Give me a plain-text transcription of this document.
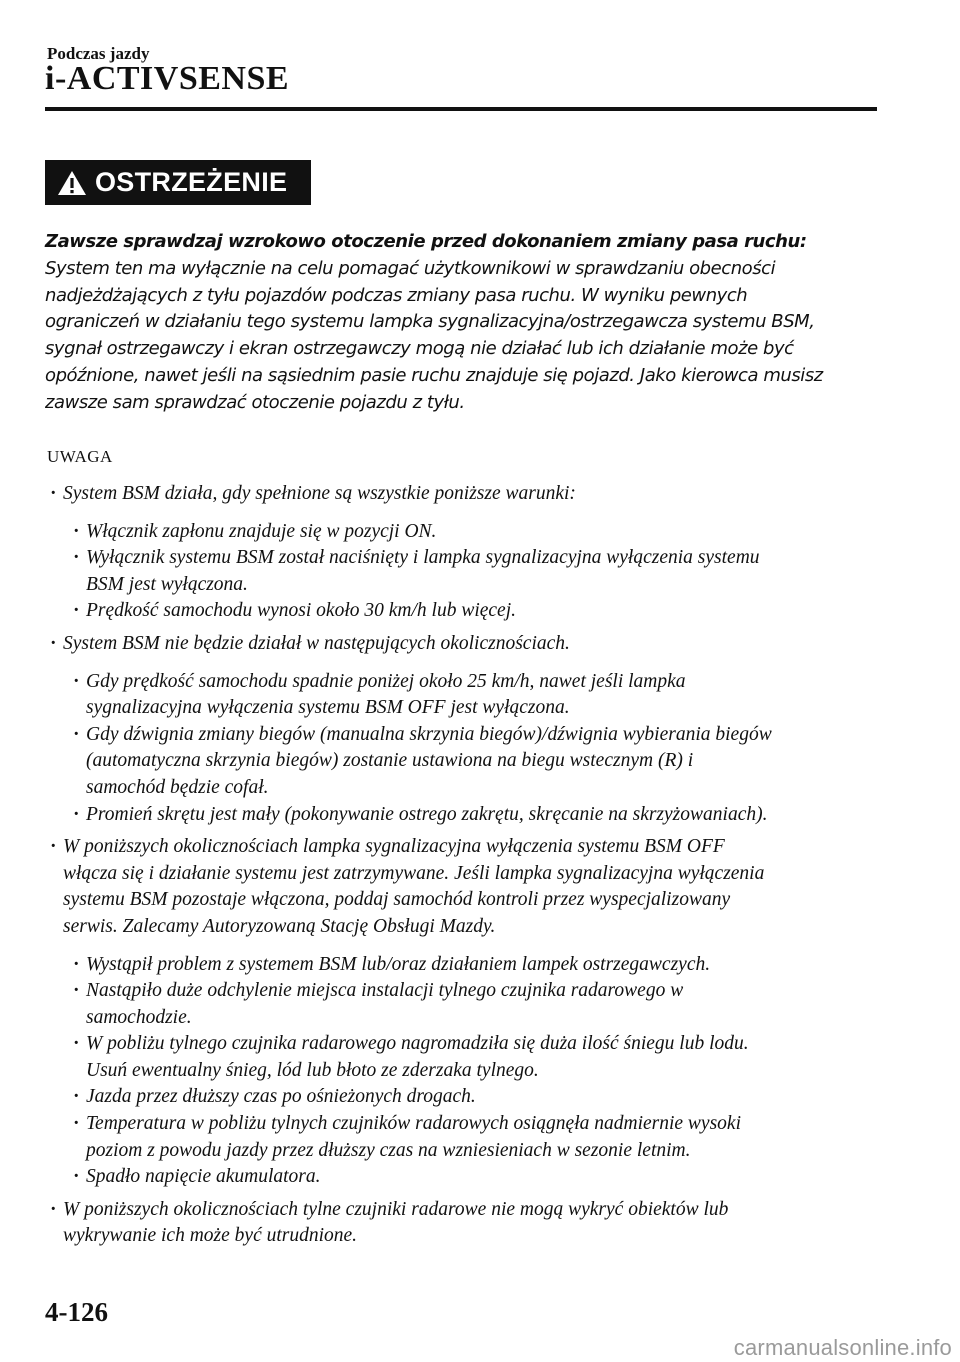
Podczas jazdy
i-ACTIVSENSE
OSTRZEŻENIE
Zawsze sprawdzaj wzrokowo otoczenie przed dokonaniem zmiany pasa ruchu:
System ten ma wyłącznie na celu pomagać użytkownikowi w sprawdzaniu obecności
nadjeżdżających z tyłu pojazdów podczas zmiany pasa ruchu. W wyniku pewnych
ograniczeń w działaniu tego systemu lampka sygnalizacyjna/ostrzegawcza systemu BSM,
sygnał ostrzegawczy i ekran ostrzegawczy mogą nie działać lub ich działanie może być
opóźnione, nawet jeśli na sąsiednim pasie ruchu znajduje się pojazd. Jako kierowca musisz
zawsze sam sprawdzać otoczenie pojazdu z tyłu.
UWAGA
· System BSM działa, gdy spełnione są wszystkie poniższe warunki:
· Włącznik zapłonu znajduje się w pozycji ON.
· Wyłącznik systemu BSM został naciśnięty i lampka sygnalizacyjna wyłączenia systemu
BSM jest wyłączona.
· Prędkość samochodu wynosi około 30 km/h lub więcej.
· System BSM nie będzie działał w następujących okolicznościach.
· Gdy prędkość samochodu spadnie poniżej około 25 km/h, nawet jeśli lampka
sygnalizacyjna wyłączenia systemu BSM OFF jest wyłączona.
· Gdy dźwignia zmiany biegów (manualna skrzynia biegów)/dźwignia wybierania biegów
(automatyczna skrzynia biegów) zostanie ustawiona na biegu wstecznym (R) i
samochód będzie cofał.
· Promień skrętu jest mały (pokonywanie ostrego zakrętu, skręcanie na skrzyżowaniach).
· W poniższych okolicznościach lampka sygnalizacyjna wyłączenia systemu BSM OFF
włącza się i działanie systemu jest zatrzymywane. Jeśli lampka sygnalizacyjna wyłączenia
systemu BSM pozostaje włączona, poddaj samochód kontroli przez wyspecjalizowany
serwis. Zalecamy Autoryzowaną Stację Obsługi Mazdy.
· Wystąpił problem z systemem BSM lub/oraz działaniem lampek ostrzegawczych.
· Nastąpiło duże odchylenie miejsca instalacji tylnego czujnika radarowego w
samochodzie.
· W pobliżu tylnego czujnika radarowego nagromadziła się duża ilość śniegu lub lodu.
Usuń ewentualny śnieg, lód lub błoto ze zderzaka tylnego.
· Jazda przez dłuższy czas po ośnieżonych drogach.
· Temperatura w pobliżu tylnych czujników radarowych osiągnęła nadmiernie wysoki
poziom z powodu jazdy przez dłuższy czas na wzniesieniach w sezonie letnim.
· Spadło napięcie akumulatora.
· W poniższych okolicznościach tylne czujniki radarowe nie mogą wykryć obiektów lub
wykrywanie ich może być utrudnione.
4-126
carmanualsonline.info
